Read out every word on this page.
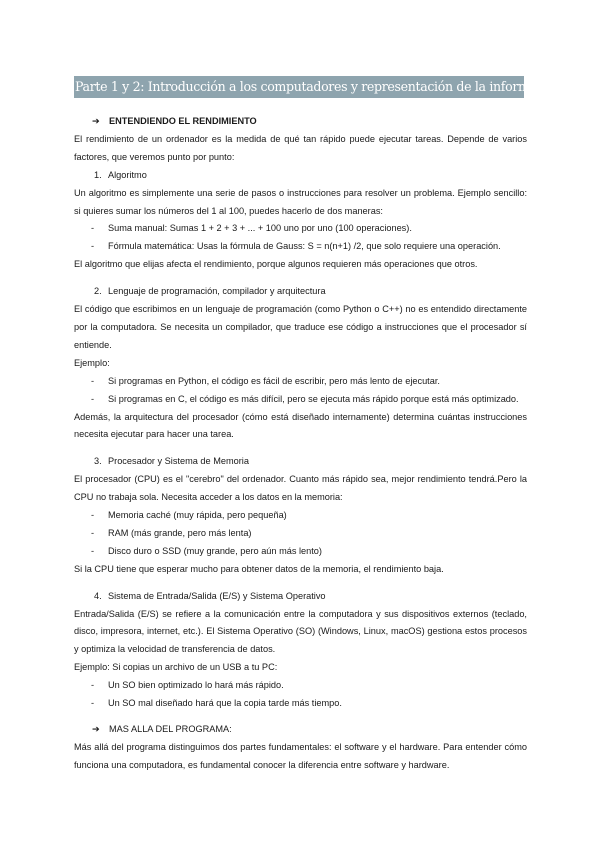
Parte 1 y 2: Introducción a los computadores y representación de la información

➔ ENTENDIENDO EL RENDIMIENTO

El rendimiento de un ordenador es la medida de qué tan rápido puede ejecutar tareas. Depende de varios factores, que veremos punto por punto:

1. Algoritmo

Un algoritmo es simplemente una serie de pasos o instrucciones para resolver un problema. Ejemplo sencillo: si quieres sumar los números del 1 al 100, puedes hacerlo de dos maneras:

- Suma manual: Sumas 1 + 2 + 3 + ... + 100 uno por uno (100 operaciones).

- Fórmula matemática: Usas la fórmula de Gauss: S = n(n+1) /2, que solo requiere una operación.

El algoritmo que elijas afecta el rendimiento, porque algunos requieren más operaciones que otros.

2. Lenguaje de programación, compilador y arquitectura

El código que escribimos en un lenguaje de programación (como Python o C++) no es entendido directamente por la computadora. Se necesita un compilador, que traduce ese código a instrucciones que el procesador sí entiende.

Ejemplo:

- Si programas en Python, el código es fácil de escribir, pero más lento de ejecutar.

- Si programas en C, el código es más difícil, pero se ejecuta más rápido porque está más optimizado.

Además, la arquitectura del procesador (cómo está diseñado internamente) determina cuántas instrucciones necesita ejecutar para hacer una tarea.

3. Procesador y Sistema de Memoria

El procesador (CPU) es el "cerebro" del ordenador. Cuanto más rápido sea, mejor rendimiento tendrá.Pero la CPU no trabaja sola. Necesita acceder a los datos en la memoria:

- Memoria caché (muy rápida, pero pequeña)

- RAM (más grande, pero más lenta)

- Disco duro o SSD (muy grande, pero aún más lento)

Si la CPU tiene que esperar mucho para obtener datos de la memoria, el rendimiento baja.

4. Sistema de Entrada/Salida (E/S) y Sistema Operativo

Entrada/Salida (E/S) se refiere a la comunicación entre la computadora y sus dispositivos externos (teclado, disco, impresora, internet, etc.). El Sistema Operativo (SO) (Windows, Linux, macOS) gestiona estos procesos y optimiza la velocidad de transferencia de datos.

Ejemplo: Si copias un archivo de un USB a tu PC:

- Un SO bien optimizado lo hará más rápido.

- Un SO mal diseñado hará que la copia tarde más tiempo.

➔ MAS ALLA DEL PROGRAMA:

Más allá del programa distinguimos dos partes fundamentales: el software y el hardware. Para entender cómo funciona una computadora, es fundamental conocer la diferencia entre software y hardware.
